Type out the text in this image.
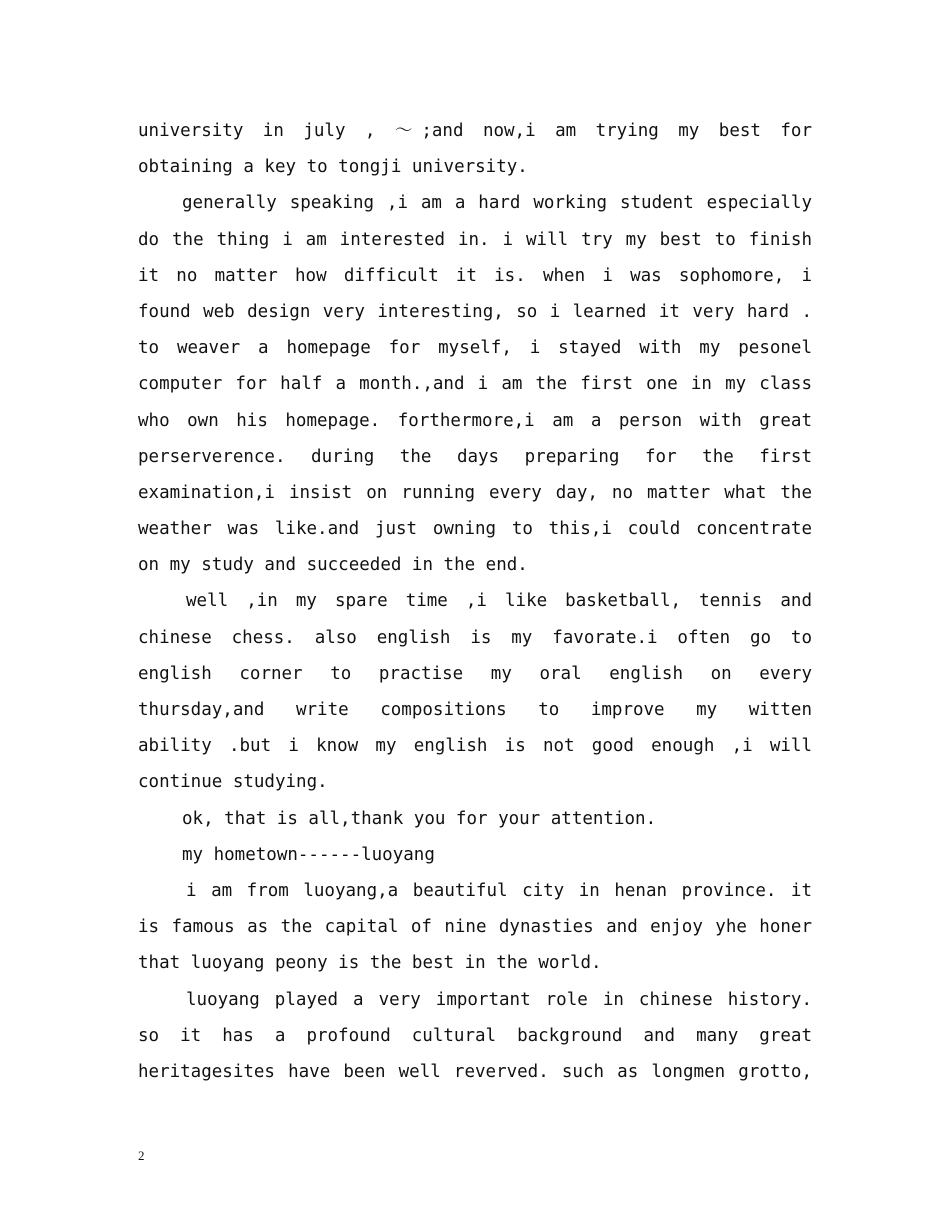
university in july , ～;and now,i am trying my best for
obtaining a key to tongji university.
generally speaking ,i am a hard working student especially
do the thing i am interested in. i will try my best to finish
it no matter how difficult it is. when i was sophomore, i
found web design very interesting, so i learned it very hard .
to weaver a homepage for myself, i stayed with my pesonel
computer for half a month.,and i am the first one in my class
who own his homepage. forthermore,i am a person with great
perserverence. during the days preparing for the first
examination,i insist on running every day, no matter what the
weather was like.and just owning to this,i could concentrate
on my study and succeeded in the end.
well ,in my spare time ,i like basketball, tennis and
chinese chess. also english is my favorate.i often go to
english corner to practise my oral english on every
thursday,and write compositions to improve my witten
ability .but i know my english is not good enough ,i will
continue studying.
ok, that is all,thank you for your attention.
my hometown------luoyang
i am from luoyang,a beautiful city in henan province. it
is famous as the capital of nine dynasties and enjoy yhe honer
that luoyang peony is the best in the world.
luoyang played a very important role in chinese history.
so it has a profound cultural background and many great
heritagesites have been well reverved. such as longmen grotto,
2
